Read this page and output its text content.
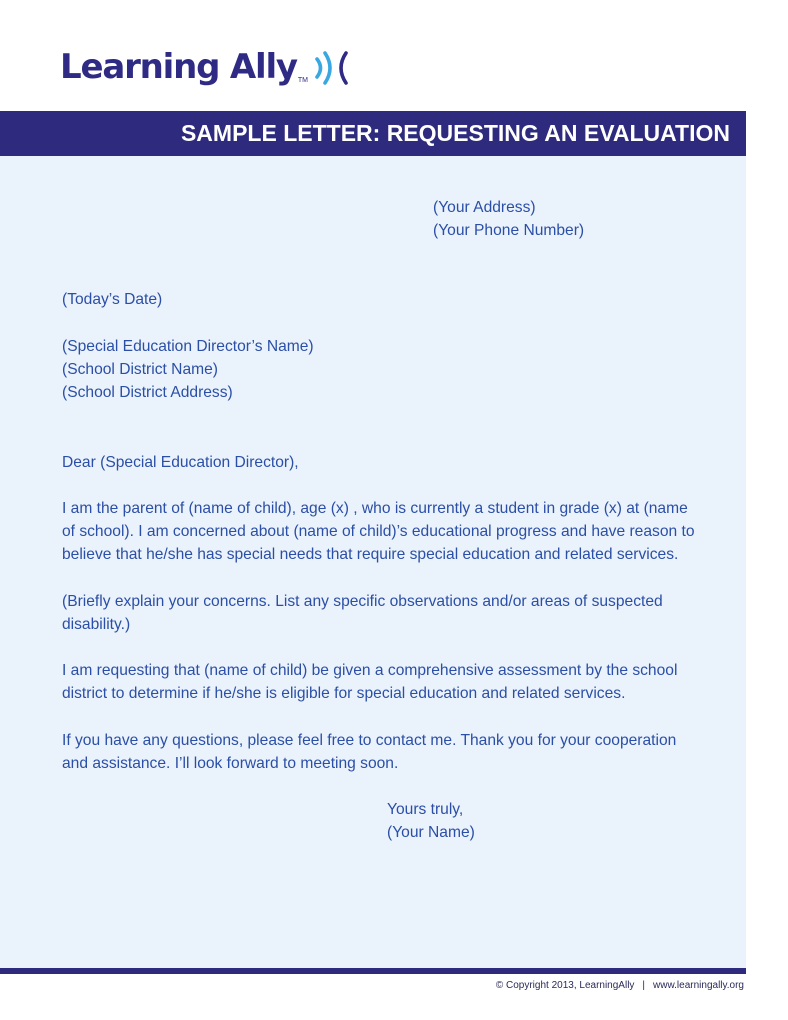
Learning Ally TM
SAMPLE LETTER: REQUESTING AN EVALUATION
(Your Address)
(Your Phone Number)
(Today’s Date)
(Special Education Director’s Name)
(School District Name)
(School District Address)
Dear (Special Education Director),
I am the parent of (name of child), age (x) , who is currently a student in grade (x) at (name
of school). I am concerned about (name of child)’s educational progress and have reason to
believe that he/she has special needs that require special education and related services.
(Briefly explain your concerns. List any specific observations and/or areas of suspected
disability.)
I am requesting that (name of child) be given a comprehensive assessment by the school
district to determine if he/she is eligible for special education and related services.
If you have any questions, please feel free to contact me. Thank you for your cooperation
and assistance. I’ll look forward to meeting soon.
Yours truly,
(Your Name)
© Copyright 2013, LearningAlly | www.learningally.org
